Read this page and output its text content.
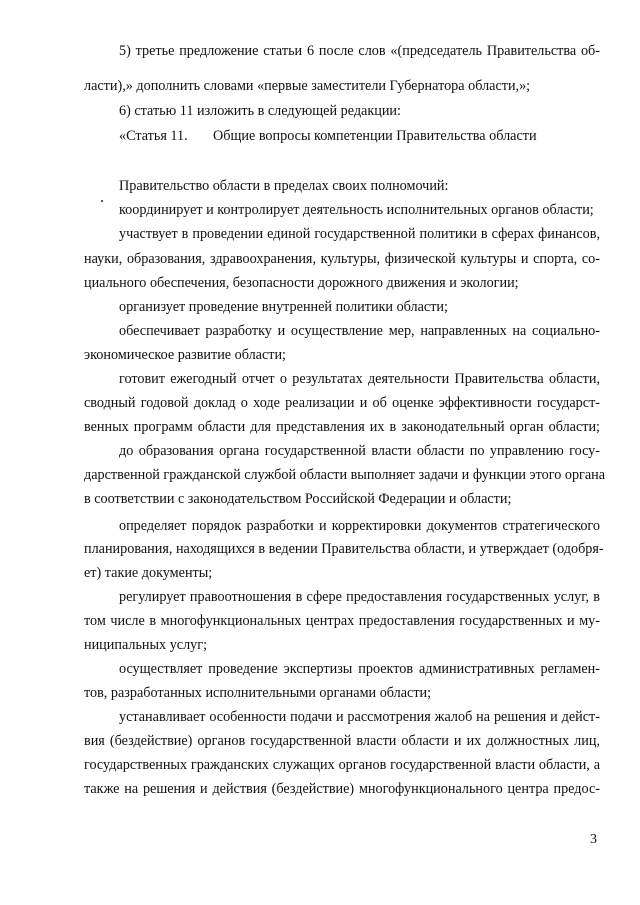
5) третье предложение статьи 6 после слов «(председатель Правительства об-
ласти),» дополнить словами «первые заместители Губернатора области,»;
6) статью 11 изложить в следующей редакции:
«Статья 11. Общие вопросы компетенции Правительства области
Правительство области в пределах своих полномочий:
координирует и контролирует деятельность исполнительных органов области;
участвует в проведении единой государственной политики в сферах финансов,
науки, образования, здравоохранения, культуры, физической культуры и спорта, со-
циального обеспечения, безопасности дорожного движения и экологии;
организует проведение внутренней политики области;
обеспечивает разработку и осуществление мер, направленных на социально-
экономическое развитие области;
готовит ежегодный отчет о результатах деятельности Правительства области,
сводный годовой доклад о ходе реализации и об оценке эффективности государст-
венных программ области для представления их в законодательный орган области;
до образования органа государственной власти области по управлению госу-
дарственной гражданской службой области выполняет задачи и функции этого органа
в соответствии с законодательством Российской Федерации и области;
определяет порядок разработки и корректировки документов стратегического
планирования, находящихся в ведении Правительства области, и утверждает (одобря-
ет) такие документы;
регулирует правоотношения в сфере предоставления государственных услуг, в
том числе в многофункциональных центрах предоставления государственных и му-
ниципальных услуг;
осуществляет проведение экспертизы проектов административных регламен-
тов, разработанных исполнительными органами области;
устанавливает особенности подачи и рассмотрения жалоб на решения и дейст-
вия (бездействие) органов государственной власти области и их должностных лиц,
государственных гражданских служащих органов государственной власти области, а
также на решения и действия (бездействие) многофункционального центра предос-
3
